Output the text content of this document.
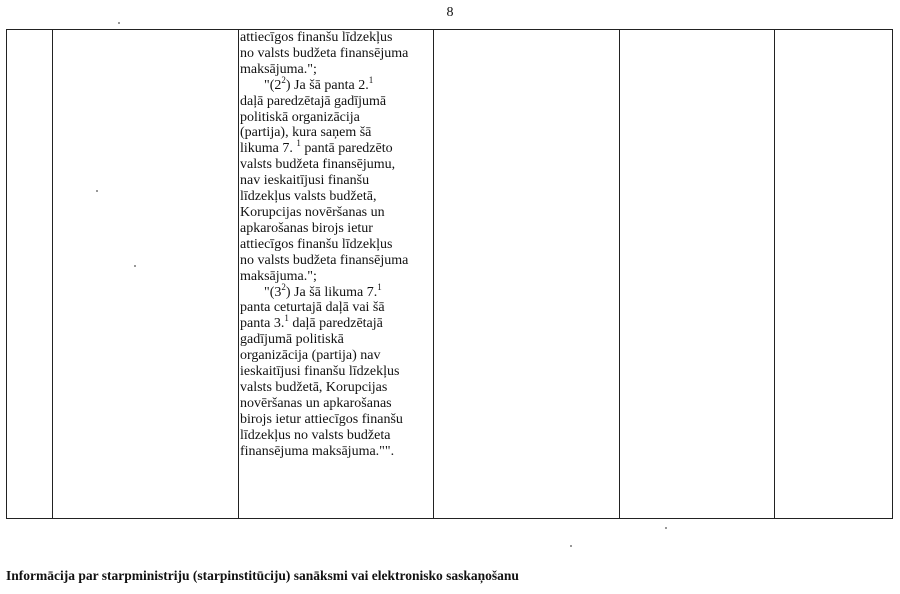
8

attiecīgos finanšu līdzekļus

no valsts budžeta finansējuma

maksājuma.";

"$(2^2)$ Ja šā panta 2.$^1$

daļā paredzētajā gadījumā

politiskā organizācija

(partija), kura saņem šā

likuma 7. $^1$ pantā paredzēto

valsts budžeta finansējumu,

nav ieskaitījusi finanšu

līdzekļus valsts budžetā,

Korupcijas novēršanas un

apkarošanas birojs ietur

attiecīgos finanšu līdzekļus

no valsts budžeta finansējuma

maksājuma.";

"$(3^2)$ Ja šā likuma 7.$^1$

panta ceturtajā daļā vai šā

panta 3.$^1$ daļā paredzētajā

gadījumā politiskā

organizācija (partija) nav

ieskaitījusi finanšu līdzekļus

valsts budžetā, Korupcijas

novēršanas un apkarošanas

birojs ietur attiecīgos finanšu

līdzekļus no valsts budžeta

finansējuma maksājuma."".

Informācija par starpministriju (starpinstitūciju) sanāksmi vai elektronisko saskaņošanu
